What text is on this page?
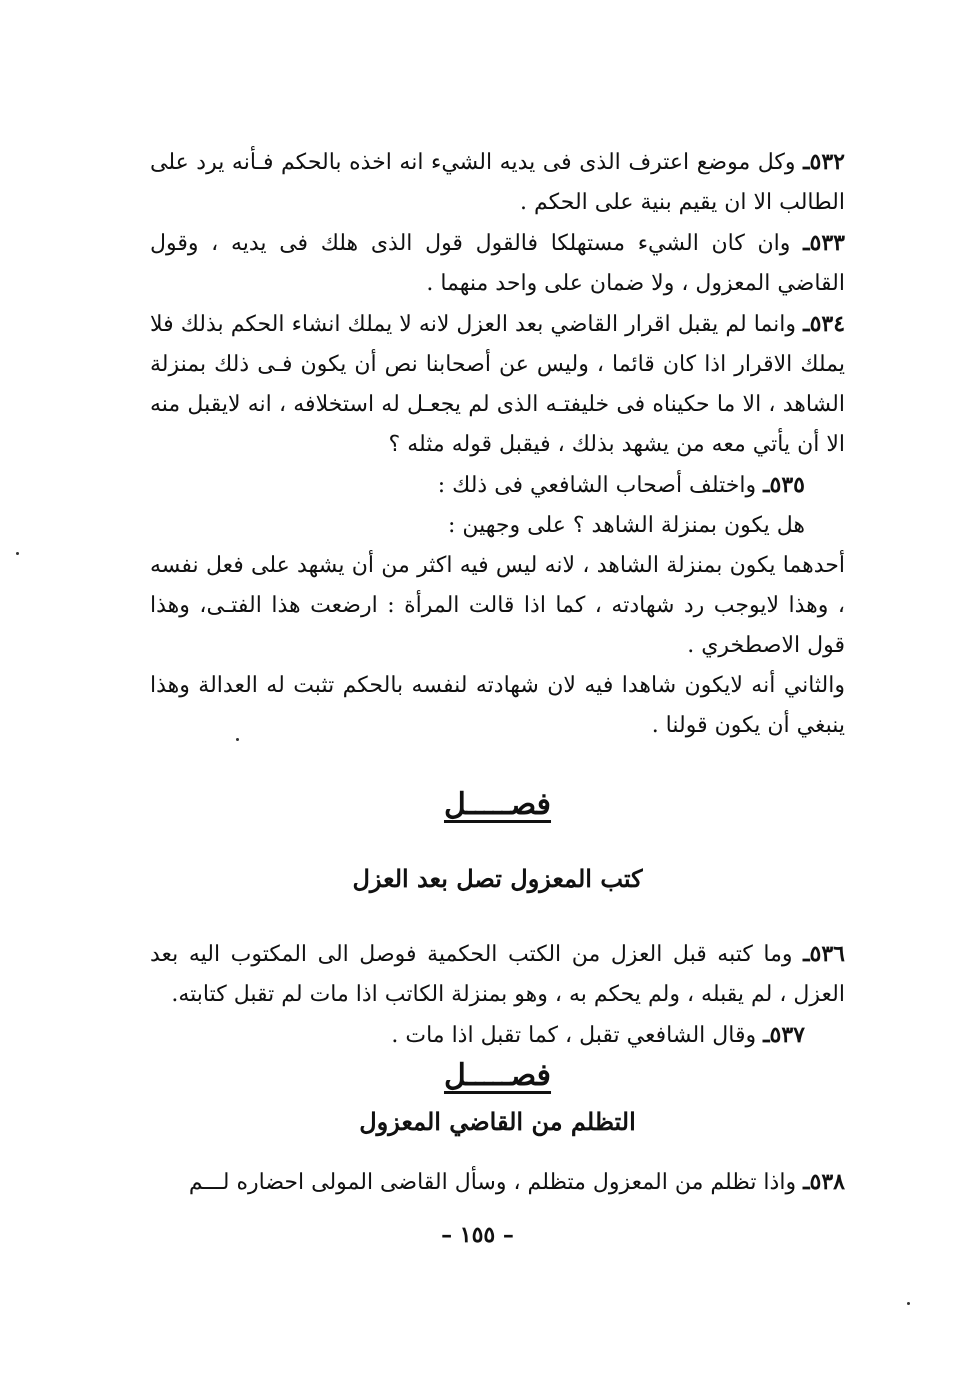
٥٣٢ـ وكل موضع اعترف الذى فى يديه الشيء انه اخذه بالحكم فـأنه يرد على الطالب الا ان يقيم بنية على الحكم .

٥٣٣ـ وان كان الشيء مستهلكا فالقول قول الذى هلك فى يديه ، وقول القاضي المعزول ، ولا ضمان على واحد منهما .

٥٣٤ـ وانما لم يقبل اقرار القاضي بعد العزل لانه لا يملك انشاء الحكم بذلك فلا يملك الاقرار اذا كان قائما ، وليس عن أصحابنا نص أن يكون فـى ذلك بمنزلة الشاهد ، الا ما حكيناه فى خليفتـه الذى لم يجعـل له استخلافه ، انه لايقبل منه الا أن يأتي معه من يشهد بذلك ، فيقبل قوله مثله ؟

٥٣٥ـ واختلف أصحاب الشافعي فى ذلك :

هل يكون بمنزلة الشاهد ؟ على وجهين :

أحدهما يكون بمنزلة الشاهد ، لانه ليس فيه اكثر من أن يشهد على فعل نفسه ، وهذا لايوجب رد شهادته ، كما اذا قالت المرأة : ارضعت هذا الفتـى، وهذا قول الاصطخري .

والثاني أنه لايكون شاهدا فيه لان شهادته لنفسه بالحكم تثبت له العدالة وهذا ينبغي أن يكون قولنا .

فصـــــل
كتب المعزول تصل بعد العزل

٥٣٦ـ وما كتبه قبل العزل من الكتب الحكمية فوصل الى المكتوب اليه بعد العزل ، لم يقبله ، ولم يحكم به ، وهو بمنزلة الكاتب اذا مات لم تقبل كتابته.

٥٣٧ـ وقال الشافعي تقبل ، كما تقبل اذا مات .

فصـــــل
التظلم من القاضي المعزول

٥٣٨ـ واذا تظلم من المعزول متظلم ، وسأل القاضى المولى احضاره لـــم

– ١٥٥ –
